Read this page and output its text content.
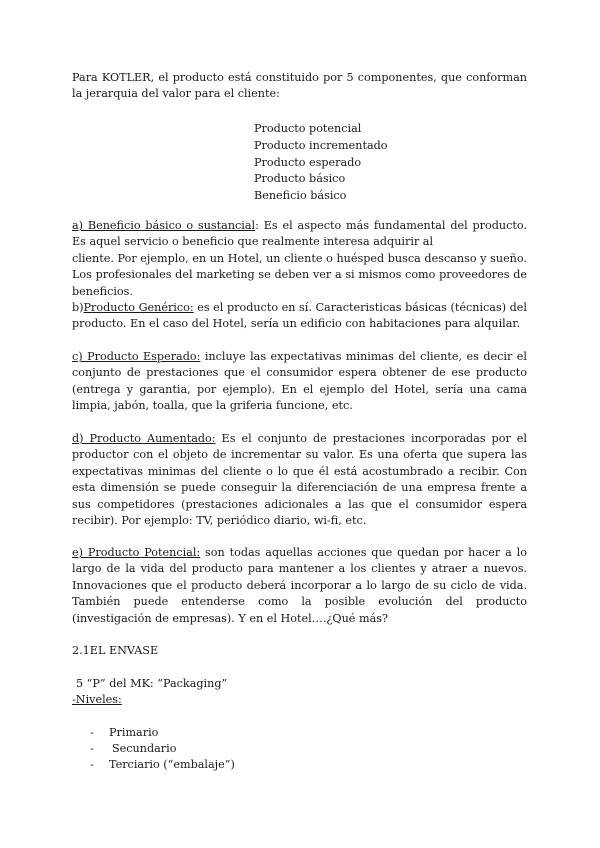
Para KOTLER, el producto está constituido por 5 componentes, que conforman la jerarquia del valor para el cliente:

Producto potencial
Producto incrementado
Producto esperado
Producto básico
Beneficio básico

a) Beneficio básico o sustancial: Es el aspecto más fundamental del producto. Es aquel servicio o beneficio que realmente interesa adquirir al

cliente. Por ejemplo, en un Hotel, un cliente o huésped busca descanso y sueño. Los profesionales del marketing se deben ver a si mismos como proveedores de beneficios.

b)Producto Genérico: es el producto en sí. Caracteristicas básicas (técnicas) del producto. En el caso del Hotel, sería un edificio con habitaciones para alquilar.

c) Producto Esperado: incluye las expectativas minimas del cliente, es decir el conjunto de prestaciones que el consumidor espera obtener de ese producto (entrega y garantia, por ejemplo). En el ejemplo del Hotel, sería una cama limpia, jabón, toalla, que la griferia funcione, etc.

d) Producto Aumentado: Es el conjunto de prestaciones incorporadas por el productor con el objeto de incrementar su valor. Es una oferta que supera las expectativas minimas del cliente o lo que él está acostumbrado a recibir. Con esta dimensión se puede conseguir la diferenciación de una empresa frente a sus competidores (prestaciones adicionales a las que el consumidor espera recibir). Por ejemplo: TV, periódico diario, wi-fi, etc.

e) Producto Potencial: son todas aquellas acciones que quedan por hacer a lo largo de la vida del producto para mantener a los clientes y atraer a nuevos. Innovaciones que el producto deberá incorporar a lo largo de su ciclo de vida. También puede entenderse como la posible evolución del producto (investigación de empresas). Y en el Hotel….¿Qué más?

2.1EL ENVASE
5 “P” del MK: “Packaging”
-Niveles:
- Primario
- Secundario
- Terciario (“embalaje”)
